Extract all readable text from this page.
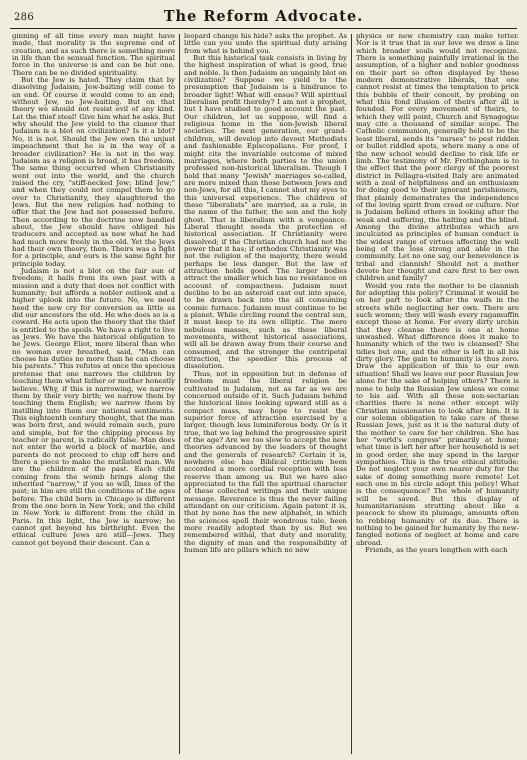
286	The Reform Advocate.

ginning of all time every man might have made, that morality is the supreme end of creation, and as such there is something more in life than the sensual function. The spiritual force in the universe is and can be but one. There can be no divided spirituality.

But the Jew is hated. They claim that by dissolving Judaism, Jew-baiting will come to an end. Of course it would come to an end; without Jew, no Jew-baiting. But on that theory we should not resist evil of any kind. Let the thief steal! Give him what he asks. But why should the Jew yield to the clamor that Judaism is a blot on civilization? Is it a blot? No, it is not. Should the Jew own the unjust impeachment that he is in the way of a broader civilization? He is not in the way. Judaism as a religion is broad, it has freedom. The same thing occurred when Christianity went out into the world, and the church raised the cry, "stiff-necked Jew; blind Jew;" and when they could not compel them to go over to Christianity, they slaughtered the Jews. But the new religion had nothing to offer that the Jew had not possessed before. Then according to the doctrine now bandied about, the Jew should have obliged his traducers and accepted as new what he had had much more freely in the old. Yet the Jews had their own theory, then. Theirs was a fight for a principle, and ours is the same fight for principle today.

Judaism is not a blot on the fair sun of freedom; it hails from its own past with a mission and a duty that does not conflict with humanity; but affords a nobler outlook and a higher uplook into the future. No, we need heed the new cry for conversion as little as did our ancestors the old. He who does so is a coward. He acts upon the theory that the thief is entitled to the spoils. We have a right to live as Jews. We have the historical obligation to be Jews. George Eliot, more liberal than who no woman ever breathed, said, "Man can choose his duties no more than he can choose his parents." This refutes at once the specious pretense that one narrows the children by teaching them what father or mother honestly believe. Why, if this is narrowing, we narrow them by their very birth; we narrow them by teaching them English; we narrow them by instilling into them our national sentiments. This eighteenth century thought, that the man was born first, and would remain such, pure and simple, but for the chipping process by teacher or parent, is radically false. Man does not enter the world a block of marble, and parents do not proceed to chip off here and there a piece to make the mutilated man. We are the children of the past. Each child coming from the womb brings along the inherited "narrow," if you so will, lines of the past; in him are still the conditions of the ages before. The child born in Chicago is different from the one born in New York; and the child in New York is different from the child in Paris. In this light, the Jew is narrow; he cannot get beyond his birthright. Even the ethical culture Jews are still—Jews. They cannot get beyond their descent. Can a

leopard change his hide? asks the prophet. As little can you undo the spiritual duty arising from what is behind you.

But this historical task consists in living by the highest inspiration of what is good, true and noble. Is then Judaism an ungainly blot on civilization? Suppose we yield to the presumption that Judaism is a hindrance to broader light! What will ensue? Will spiritual liberalism profit thereby? I am not a prophet, but I have studied to good account the past. Our children, let us suppose, will find a religious home in the non-Jewish liberal societies. The next generation, our grand-children, will develop into devout Methodists and fashionable Episcopalians. For proof, I might cite the invariable outcome of mixed marriages, where both parties to the union professed non-historical liberalism. Though I hold that many "Jewish" marriages so-called, are more mixed than those between Jews and non-Jews, for all this, I cannot shut my eyes to this universal experience. The children of these "liberalists" are married, as a rule, in the name of the father, the son and the holy ghost. That is liberalism with a vengeance. Liberal thought needs the protection of historical association. If Christianity were dissolved; if the Christian church had not the power that it has; if orthodox Christianity was not the religion of the majority, there would perhaps be less danger. But the law of attraction holds good. The larger bodies attract the smaller which has no resistance on account of compactness. Judaism must decline to be an asteroid cast out into space, to be drawn back into the all consuming cosmic furnace. Judaism must continue to be a planet. While circling round the central sun, it must keep to its own elliptic. The mere nebulous masses, such as these liberal movements, without historical associations, will all be drawn away from their course and consumed, and the stronger the centripetal attraction, the speedier this process of dissolution.

Thus, not in opposition but in defense of freedom must the liberal religion be cultivated in Judaism, not as far as we are concerned outside of it. Such Judaism behind the historical lines looking upward still as a compact mass, may hope to resist the superior force of attraction exercised by a larger, though less luminiferous body. Or is it true, that we lag behind the progressive spirit of the age? Are we too slow to accept the new theories advanced by the leaders of thought and the generals of research? Certain it is, nowhere else has Biblical criticism been accorded a more cordial reception with less reserve than among us. But we have also appreciated to the full the spiritual character of these collected writings and their unique message. Reverence is thus the never failing attendant on our criticism. Again patent it is, that by none has the new alphabet, in which the sciences spell their wondrous tale, been more readily adopted than by us. But we remembered withal, that duty and morality, the dignity of man and the responsibility of human life are pillars which no new

physics or new chemistry can make totter. Nor is it true that in our love we draw a line which broader souls would not recognize. There is something painfully irrational in the assumption, of a higher and nobler goodness on their part so often displayed by these modern demonstrative liberals, that one cannot resist at times the temptation to prick this bubble of their conceit, by probing on what this fond illusion of theirs after all is founded. For every movement of theirs, to which they will point, Church and Synagogue may cite a thousand of similar scope. The Catholic communion, generally held to be the least liberal, sends its "nurses" to pest ridden or bullet riddled spots, where many a one of the new school would decline to risk life or limb. The testimony of Mr. Frothingham is to the effect that the poor clergy of the poorest district in Pellagra-visited Italy are animated with a zeal of helpfulness and an enthusiasm for doing good to their ignorant parishioners, that plainly demonstrates the independence of the loving spirit from creed or culture. Nor is Judaism behind others in looking after the weak and suffering, the halting and the blind. Among the divine attributes which are inculcated as principles of human conduct is the widest range of virtues affecting the well being of the less strong and able in the community. Let no one say, our benevolence is tribal and clannish! Should not a mother devote her thought and care first to her own children and family?

Would you rate the mother to be clannish for adopting this policy? Criminal it would be on her part to look after the waifs in the streets while neglecting her own. There are such women; they will wash every ragamuffin except those at home. For every dirty urchin that they cleanse there is one at home unwashed. What difference does it make to humanity which of the two is cleansed? She tidies but one, and the other is left in all his dirty glory. The gain to humanity is thus zero. Draw the application of this to our own situation! Shall we leave our poor Russian Jew alone for the sake of helping others? There is none to help the Russian Jew unless we come to his aid. With all these non-sectarian charities there is none other except wily Christian missionaries to look after him. It is our solemn obligation to take care of these Russian Jews, just as it is the natural duty of the mother to care for her children. She has her "world's congress" primarily at home; what time is left her after her household is set in good order, she may spend in the larger sympathies. This is the true ethical attitude: Do not neglect your own nearer duty for the sake of doing something more remote! Let each one in his circle adopt this policy! What is the consequence? The whole of humanity will be saved. But this display of humanitarianism strutting about like a peacock to show its plumage, amounts often to robbing humanity of its due. There is nothing to be gained for humanity by the new-fangled notions of neglect at home and care abroad.

Friends, as the years lengthen with each
